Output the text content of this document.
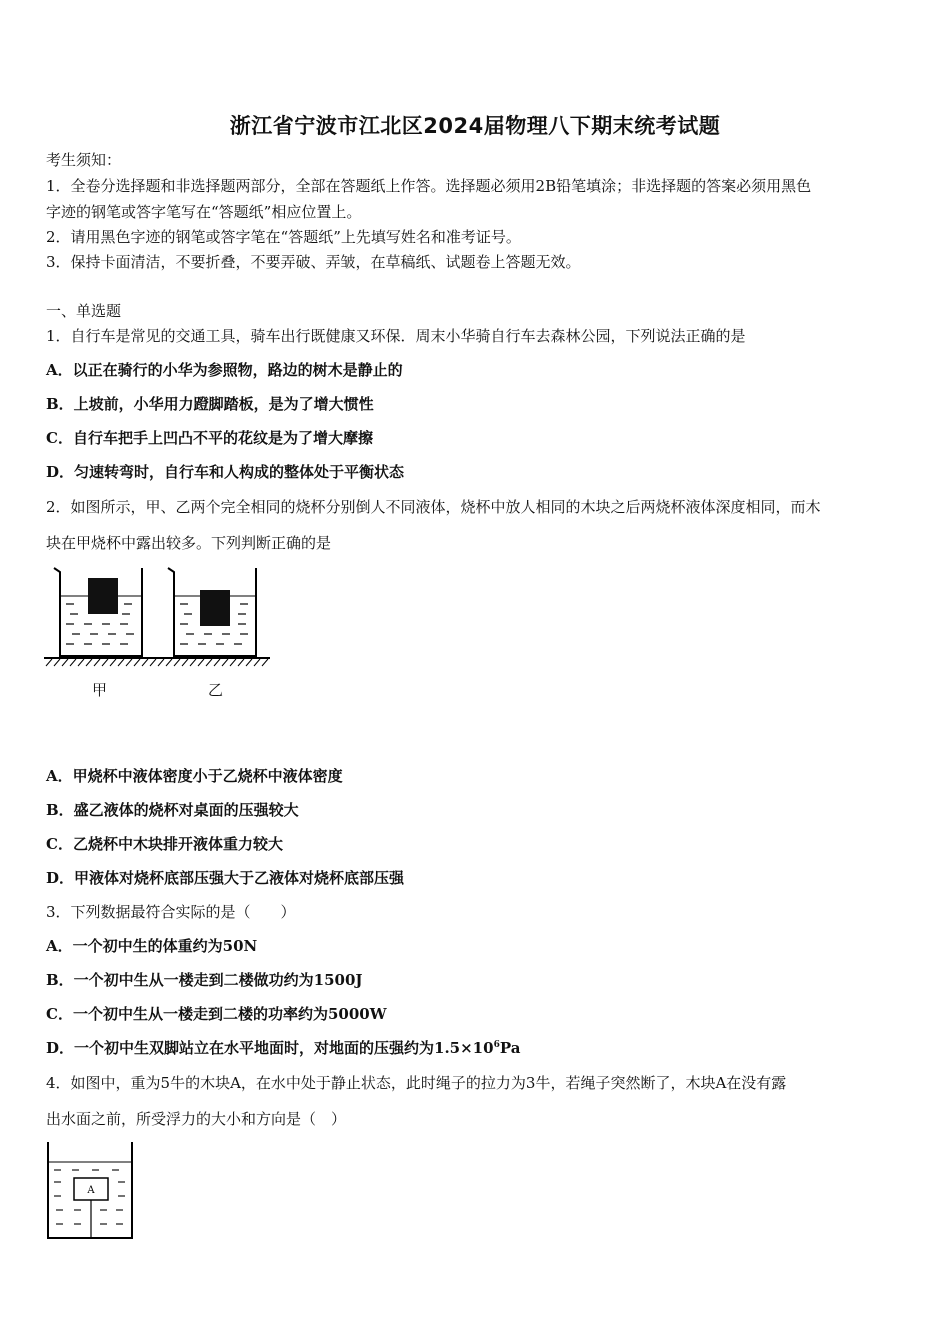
浙江省宁波市江北区2024届物理八下期末统考试题
考生须知：
1．全卷分选择题和非选择题两部分，全部在答题纸上作答。选择题必须用2B铅笔填涂；非选择题的答案必须用黑色
字迹的钢笔或答字笔写在“答题纸”相应位置上。
2．请用黑色字迹的钢笔或答字笔在“答题纸”上先填写姓名和准考证号。
3．保持卡面清洁，不要折叠，不要弄破、弄皱，在草稿纸、试题卷上答题无效。
一、单选题
1．自行车是常见的交通工具，骑车出行既健康又环保．周末小华骑自行车去森林公园，下列说法正确的是
A．以正在骑行的小华为参照物，路边的树木是静止的
B．上坡前，小华用力蹬脚踏板，是为了增大惯性
C．自行车把手上凹凸不平的花纹是为了增大摩擦
D．匀速转弯时，自行车和人构成的整体处于平衡状态
2．如图所示，甲、乙两个完全相同的烧杯分别倒人不同液体，烧杯中放人相同的木块之后两烧杯液体深度相同，而木
块在甲烧杯中露出较多。下列判断正确的是
甲	乙
A．甲烧杯中液体密度小于乙烧杯中液体密度
B．盛乙液体的烧杯对桌面的压强较大
C．乙烧杯中木块排开液体重力较大
D．甲液体对烧杯底部压强大于乙液体对烧杯底部压强
3．下列数据最符合实际的是（　　）
A．一个初中生的体重约为50N
B．一个初中生从一楼走到二楼做功约为1500J
C．一个初中生从一楼走到二楼的功率约为5000W
D．一个初中生双脚站立在水平地面时，对地面的压强约为$1.5\times 10^6Pa$
4．如图中，重为5牛的木块A，在水中处于静止状态，此时绳子的拉力为3牛，若绳子突然断了，木块A在没有露
出水面之前，所受浮力的大小和方向是（　）
A
